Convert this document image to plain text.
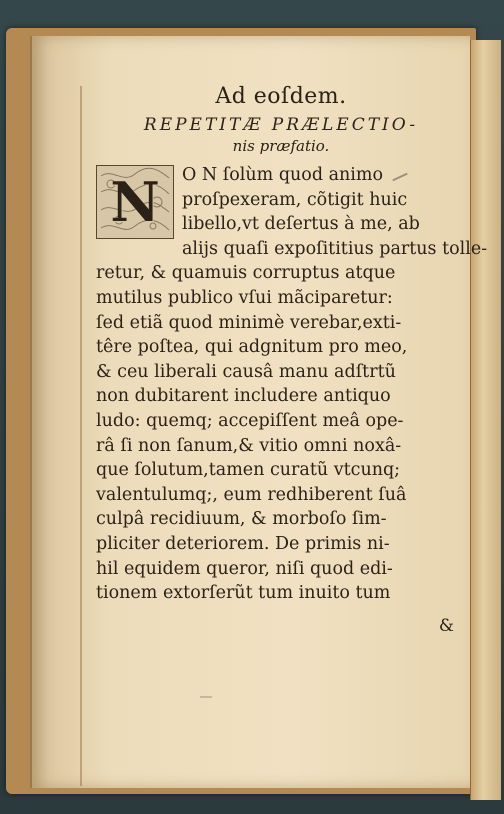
Ad eoſdem.
REPETITÆ PRÆLECTIO-
nis præfatio.
N	O N ſolùm quod animo
proſpexeram, cõtigit huic
libello,vt deſertus à me, ab
alijs quaſi expoſititius partus tolle-
retur, & quamuis corruptus atque
mutilus publico vſui mãciparetur:
ſed etiã quod minimè verebar,exti-
têre poſtea, qui adgnitum pro meo,
& ceu liberali causâ manu adſtrtũ
non dubitarent includere antiquo
ludo: quemq; accepiſſent meâ ope-
râ ſi non ſanum,& vitio omni noxâ-
que ſolutum,tamen curatũ vtcunq;
valentulumq;, eum redhiberent ſuâ
culpâ recidiuum, & morboſo ſim-
pliciter deteriorem. De primis ni-
hil equidem queror, niſi quod edi-
tionem extorſerũt tum inuito tum
&
